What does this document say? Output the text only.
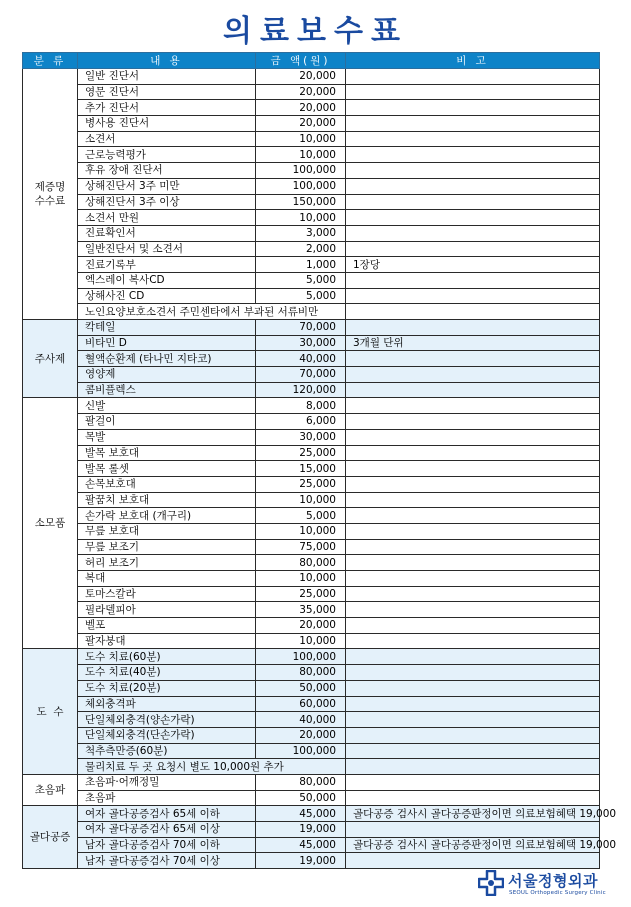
의료보수표
분 류	내 용	금 액(원)	비 고
제증명
수수료	일반 진단서	20,000	
	영문 진단서	20,000	
	추가 진단서	20,000	
	병사용 진단서	20,000	
	소견서	10,000	
	근로능력평가	10,000	
	후유 장애 진단서	100,000	
	상해진단서 3주 미만	100,000	
	상해진단서 3주 이상	150,000	
	소견서 만원	10,000	
	진료확인서	3,000	
	일반진단서 및 소견서	2,000	
	진료기록부	1,000	1장당
	엑스레이 복사CD	5,000	
	상해사진 CD	5,000	
	노인요양보호소견서 주민센타에서 부과된 서류비만		
주사제	칵테일	70,000	
	비타민 D	30,000	3개월 단위
	혈액순환제 (타나민 지타코)	40,000	
	영양제	70,000	
	콤비플렉스	120,000	
소모품	신발	8,000	
	팔걸이	6,000	
	목발	30,000	
	발목 보호대	25,000	
	발목 롤셋	15,000	
	손목보호대	25,000	
	팔꿈치 보호대	10,000	
	손가락 보호대 (개구리)	5,000	
	무릎 보호대	10,000	
	무릎 보조기	75,000	
	허리 보조기	80,000	
	복대	10,000	
	토마스칼라	25,000	
	필라델피아	35,000	
	벨포	20,000	
	팔자붕대	10,000	
도  수	도수 치료(60분)	100,000	
	도수 치료(40분)	80,000	
	도수 치료(20분)	50,000	
	체외충격파	60,000	
	단일체외충격(양손가락)	40,000	
	단일체외충격(단손가락)	20,000	
	척추측만증(60분)	100,000	
	물리치료 두 곳 요청시 별도 10,000원 추가		
초음파	초음파·어깨정밀	80,000	
	초음파	50,000	
골다공증	여자 골다공증검사 65세 이하	45,000	골다공증 검사시 골다공증판정이면 의료보험혜택 19,000
	여자 골다공증검사 65세 이상	19,000	
	남자 골다공증검사 70세 이하	45,000	골다공증 검사시 골다공증판정이면 의료보험혜택 19,000
	남자 골다공증검사 70세 이상	19,000	
서울정형외과
SEOUL Orthopedic Surgery Clinic
